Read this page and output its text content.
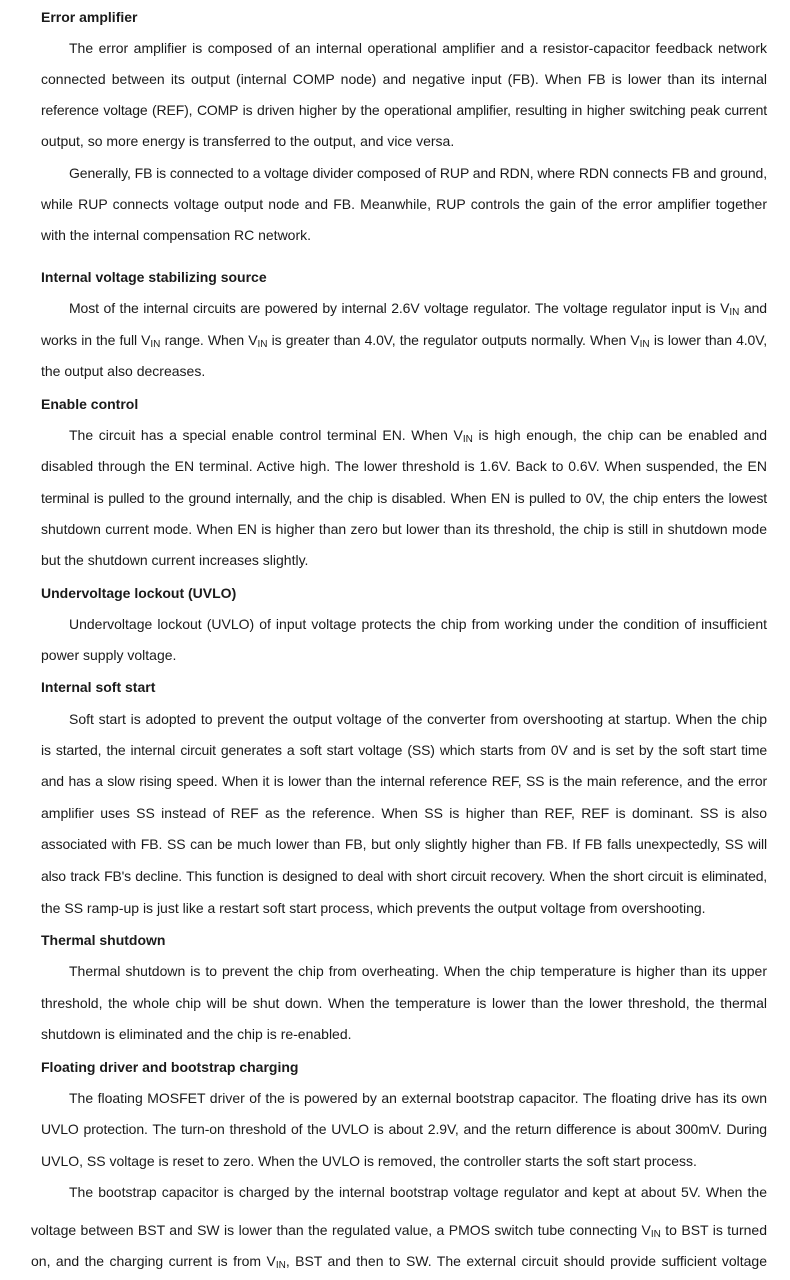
Error amplifier

The error amplifier is composed of an internal operational amplifier and a resistor-capacitor feedback network

connected between its output (internal COMP node) and negative input (FB). When FB is lower than its internal

reference voltage (REF), COMP is driven higher by the operational amplifier, resulting in higher switching peak current

output, so more energy is transferred to the output, and vice versa.

Generally, FB is connected to a voltage divider composed of RUP and RDN, where RDN connects FB and ground,

while RUP connects voltage output node and FB. Meanwhile, RUP controls the gain of the error amplifier together

with the internal compensation RC network.

Internal voltage stabilizing source

Most of the internal circuits are powered by internal 2.6V voltage regulator. The voltage regulator input is $V_{IN}$ and

works in the full $V_{IN}$ range. When $V_{IN}$ is greater than 4.0V, the regulator outputs normally. When $V_{IN}$ is lower than 4.0V,

the output also decreases.

Enable control

The circuit has a special enable control terminal EN. When $V_{IN}$ is high enough, the chip can be enabled and

disabled through the EN terminal. Active high. The lower threshold is 1.6V. Back to 0.6V. When suspended, the EN

terminal is pulled to the ground internally, and the chip is disabled. When EN is pulled to 0V, the chip enters the lowest

shutdown current mode. When EN is higher than zero but lower than its threshold, the chip is still in shutdown mode

but the shutdown current increases slightly.

Undervoltage lockout (UVLO)

Undervoltage lockout (UVLO) of input voltage protects the chip from working under the condition of insufficient

power supply voltage.

Internal soft start

Soft start is adopted to prevent the output voltage of the converter from overshooting at startup. When the chip

is started, the internal circuit generates a soft start voltage (SS) which starts from 0V and is set by the soft start time

and has a slow rising speed. When it is lower than the internal reference REF, SS is the main reference, and the error

amplifier uses SS instead of REF as the reference. When SS is higher than REF, REF is dominant. SS is also

associated with FB. SS can be much lower than FB, but only slightly higher than FB. If FB falls unexpectedly, SS will

also track FB's decline. This function is designed to deal with short circuit recovery. When the short circuit is eliminated,

the SS ramp-up is just like a restart soft start process, which prevents the output voltage from overshooting.

Thermal shutdown

Thermal shutdown is to prevent the chip from overheating. When the chip temperature is higher than its upper

threshold, the whole chip will be shut down. When the temperature is lower than the lower threshold, the thermal

shutdown is eliminated and the chip is re-enabled.

Floating driver and bootstrap charging

The floating MOSFET driver of the is powered by an external bootstrap capacitor. The floating drive has its own

UVLO protection. The turn-on threshold of the UVLO is about 2.9V, and the return difference is about 300mV. During

UVLO, SS voltage is reset to zero. When the UVLO is removed, the controller starts the soft start process.

The bootstrap capacitor is charged by the internal bootstrap voltage regulator and kept at about 5V. When the

voltage between BST and SW is lower than the regulated value, a PMOS switch tube connecting $V_{IN}$ to BST is turned

on, and the charging current is from $V_{IN}$, BST and then to SW. The external circuit should provide sufficient voltage
